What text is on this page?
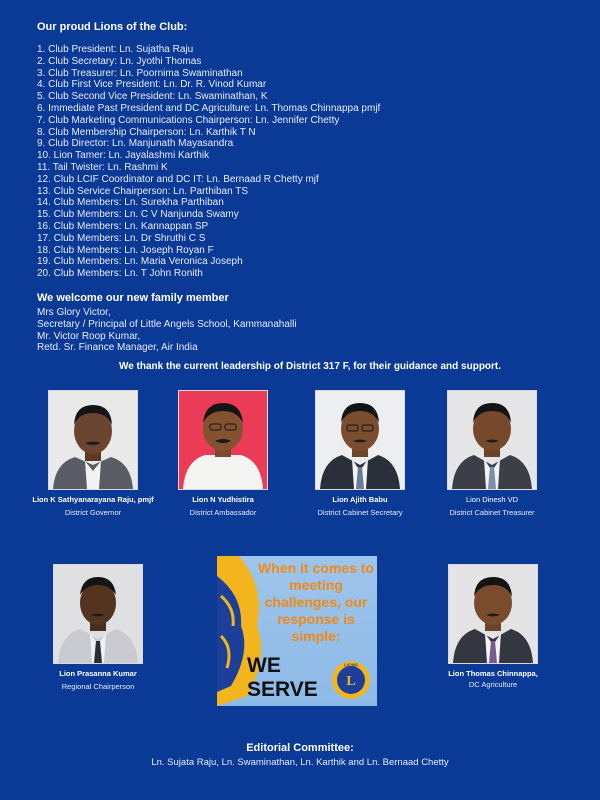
Our proud Lions of the Club:
1. Club President: Ln. Sujatha Raju
2. Club Secretary: Ln. Jyothi Thomas
3. Club Treasurer: Ln. Poornima Swaminathan
4. Club First Vice President: Ln. Dr. R. Vinod Kumar
5. Club Second Vice President: Ln. Swaminathan, K
6. Immediate Past President and DC Agriculture: Ln. Thomas Chinnappa pmjf
7. Club Marketing Communications Chairperson: Ln. Jennifer Chetty
8. Club Membership Chairperson: Ln. Karthik T N
9. Club Director: Ln. Manjunath Mayasandra
10. Lion Tamer: Ln. Jayalashmi Karthik
11. Tail Twister: Ln. Rashmi K
12. Club LCIF Coordinator and DC IT: Ln. Bernaad R Chetty mjf
13. Club Service Chairperson: Ln. Parthiban TS
14. Club Members: Ln. Surekha Parthiban
15. Club Members: Ln. C V Nanjunda Swamy
16. Club Members: Ln. Kannappan SP
17. Club Members: Ln. Dr Shruthi C S
18. Club Members: Ln. Joseph Royan F
19. Club Members: Ln. Maria Veronica Joseph
20. Club Members: Ln. T John Ronith
We welcome our new family member
Mrs Glory Victor,
Secretary / Principal of Little Angels School, Kammanahalli
Mr. Victor Roop Kumar,
Retd. Sr. Finance Manager, Air India
We thank the current leadership of District 317 F, for their guidance and support.
Lion K Sathyanarayana Raju, pmjf
District Governor
Lion N Yudhistira
District Ambassador
Lion Ajith Babu
District Cabinet Secretary
Lion Dinesh VD
District Cabinet Treasurer
Lion Prasanna Kumar
Regional Chairperson
When it comes to meeting challenges, our response is simple:
WE
SERVE L
LIONS
Lion Thomas Chinnappa,
DC Agriculture
Editorial Committee:
Ln. Sujata Raju, Ln. Swaminathan, Ln. Karthik and Ln. Bernaad Chetty
